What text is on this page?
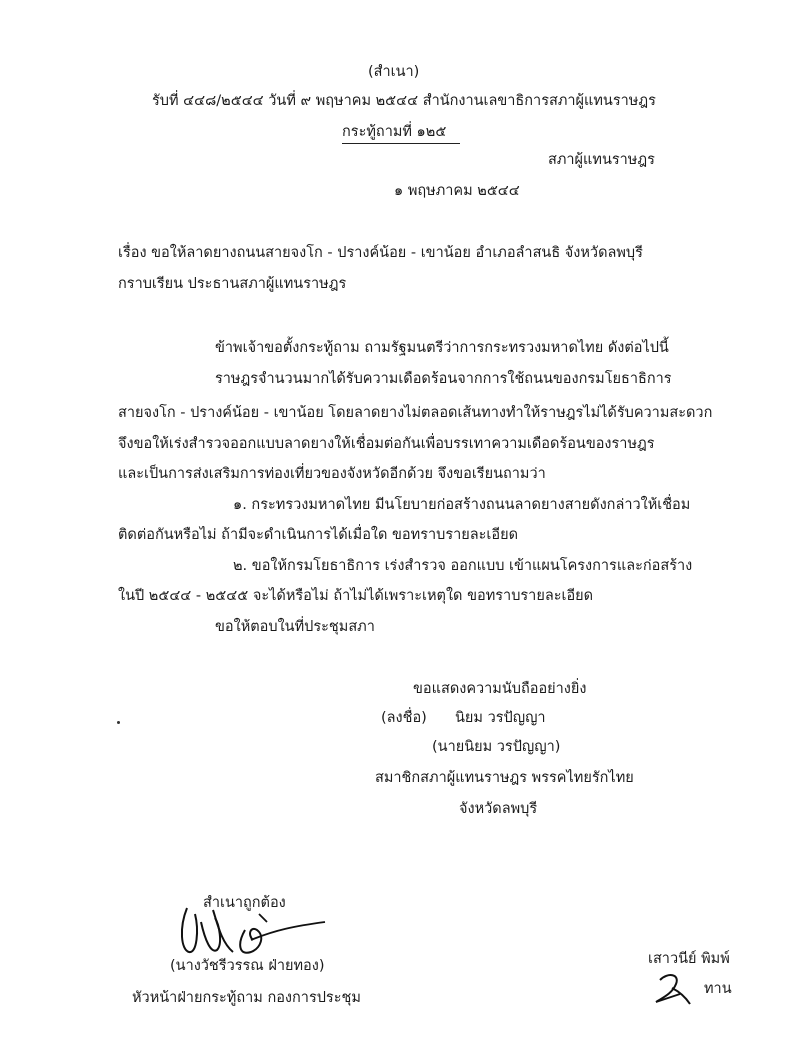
(สำเนา)
รับที่ ๔๔๘/๒๕๔๔ วันที่ ๙ พฤษาคม ๒๕๔๔ สำนักงานเลขาธิการสภาผู้แทนราษฎร
กระทู้ถามที่ ๑๒๕
สภาผู้แทนราษฎร
๑ พฤษภาคม ๒๕๔๔
เรื่อง ขอให้ลาดยางถนนสายจงโก - ปรางค์น้อย - เขาน้อย อำเภอลำสนธิ จังหวัดลพบุรี
กราบเรียน ประธานสภาผู้แทนราษฎร
ข้าพเจ้าขอตั้งกระทู้ถาม ถามรัฐมนตรีว่าการกระทรวงมหาดไทย ดังต่อไปนี้
ราษฎรจำนวนมากได้รับความเดือดร้อนจากการใช้ถนนของกรมโยธาธิการ
สายจงโก - ปรางค์น้อย - เขาน้อย โดยลาดยางไม่ตลอดเส้นทางทำให้ราษฎรไม่ได้รับความสะดวก
จึงขอให้เร่งสำรวจออกแบบลาดยางให้เชื่อมต่อกันเพื่อบรรเทาความเดือดร้อนของราษฎร
และเป็นการส่งเสริมการท่องเที่ยวของจังหวัดอีกด้วย จึงขอเรียนถามว่า
๑. กระทรวงมหาดไทย มีนโยบายก่อสร้างถนนลาดยางสายดังกล่าวให้เชื่อม
ติดต่อกันหรือไม่ ถ้ามีจะดำเนินการได้เมื่อใด ขอทราบรายละเอียด
๒. ขอให้กรมโยธาธิการ เร่งสำรวจ ออกแบบ เข้าแผนโครงการและก่อสร้าง
ในปี ๒๕๔๔ - ๒๕๔๕ จะได้หรือไม่ ถ้าไม่ได้เพราะเหตุใด ขอทราบรายละเอียด
ขอให้ตอบในที่ประชุมสภา
ขอแสดงความนับถืออย่างยิ่ง
(ลงชื่อ) นิยม วรปัญญา
(นายนิยม วรปัญญา)
สมาชิกสภาผู้แทนราษฎร พรรคไทยรักไทย
จังหวัดลพบุรี
สำเนาถูกต้อง
(นางวัชรีวรรณ ฝ่ายทอง)
หัวหน้าฝ่ายกระทู้ถาม กองการประชุม
เสาวนีย์ พิมพ์
ทาน
